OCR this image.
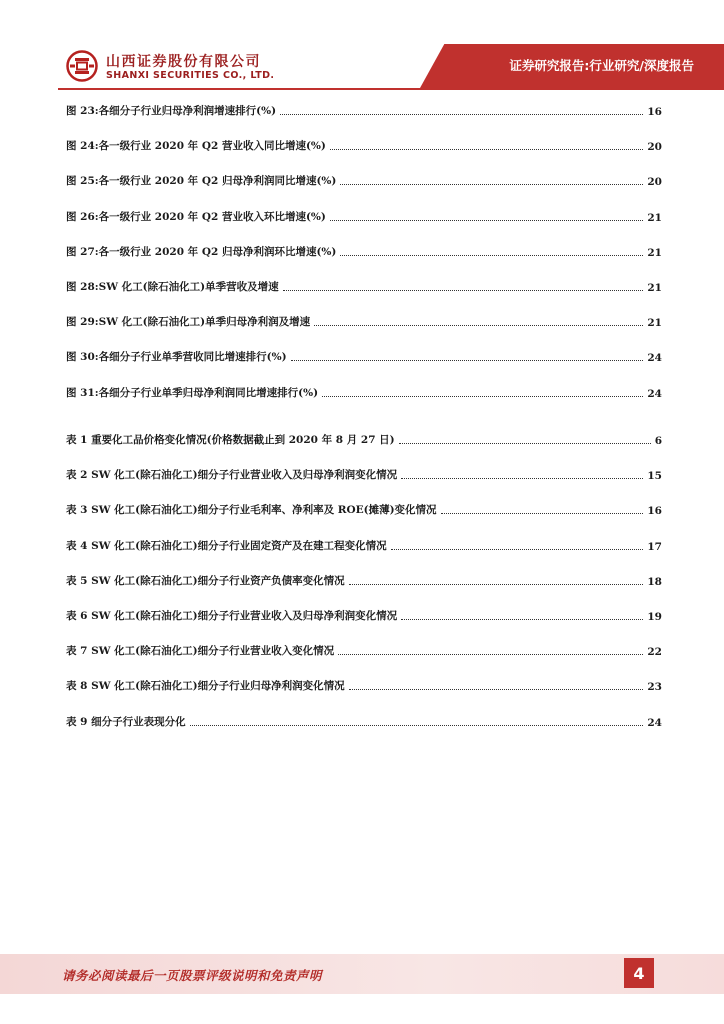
山西证券股份有限公司
SHANXI SECURITIES CO., LTD.
证券研究报告:行业研究/深度报告
图 23:各细分子行业归母净利润增速排行(%)	16
图 24:各一级行业 2020 年 Q2 营业收入同比增速(%)	20
图 25:各一级行业 2020 年 Q2 归母净利润同比增速(%)	20
图 26:各一级行业 2020 年 Q2 营业收入环比增速(%)	21
图 27:各一级行业 2020 年 Q2 归母净利润环比增速(%)	21
图 28:SW 化工(除石油化工)单季营收及增速	21
图 29:SW 化工(除石油化工)单季归母净利润及增速	21
图 30:各细分子行业单季营收同比增速排行(%)	24
图 31:各细分子行业单季归母净利润同比增速排行(%)	24
表 1 重要化工品价格变化情况(价格数据截止到 2020 年 8 月 27 日)	6
表 2 SW 化工(除石油化工)细分子行业营业收入及归母净利润变化情况	15
表 3 SW 化工(除石油化工)细分子行业毛利率、净利率及 ROE(摊薄)变化情况	16
表 4 SW 化工(除石油化工)细分子行业固定资产及在建工程变化情况	17
表 5 SW 化工(除石油化工)细分子行业资产负债率变化情况	18
表 6 SW 化工(除石油化工)细分子行业营业收入及归母净利润变化情况	19
表 7 SW 化工(除石油化工)细分子行业营业收入变化情况	22
表 8 SW 化工(除石油化工)细分子行业归母净利润变化情况	23
表 9 细分子行业表现分化	24
请务必阅读最后一页股票评级说明和免责声明	4
